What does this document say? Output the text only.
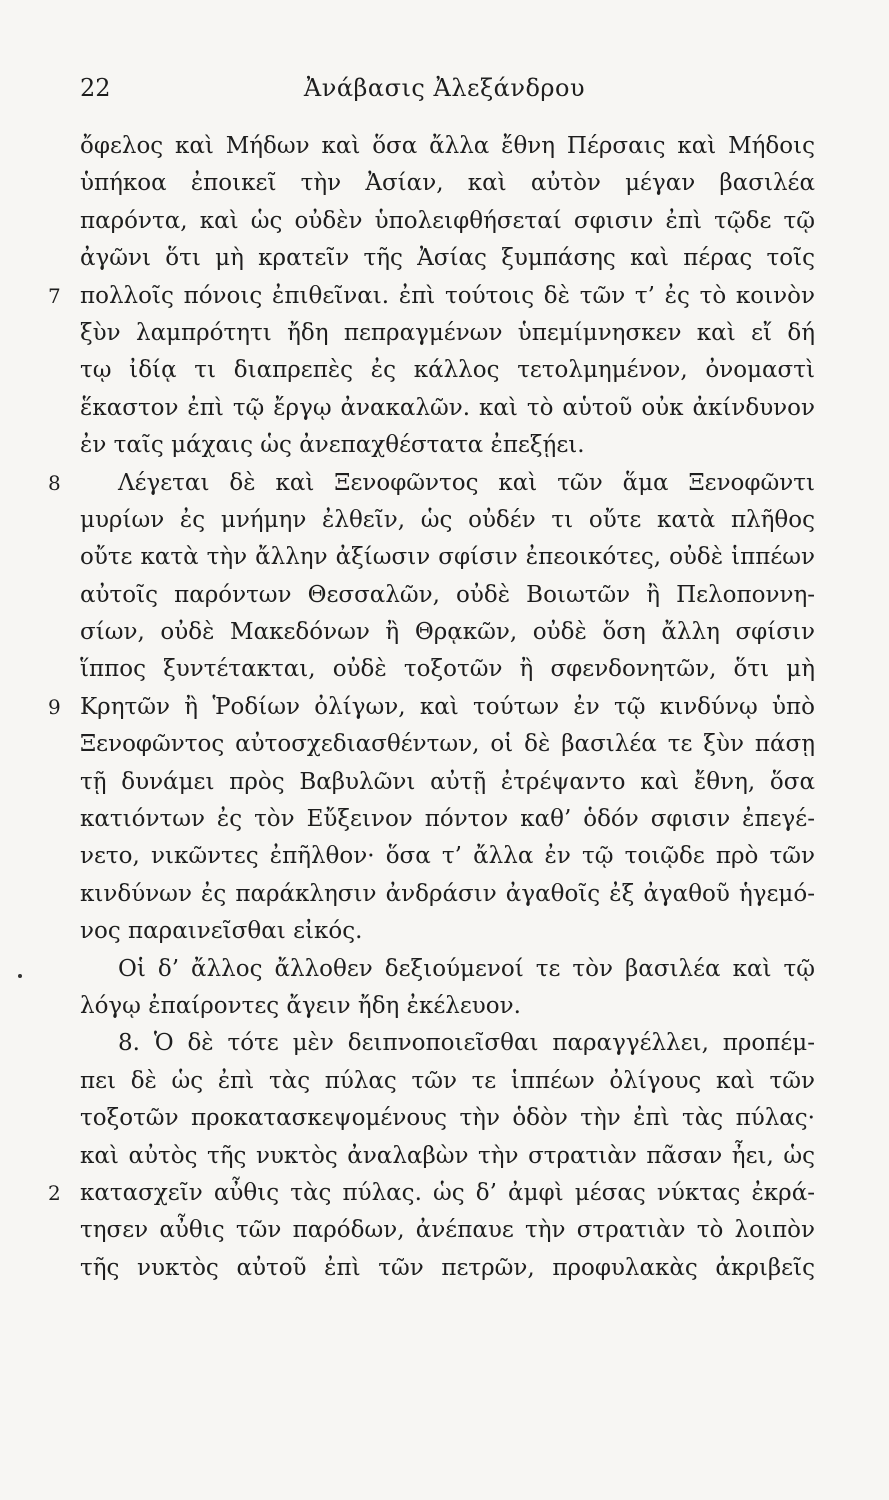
22	Ἀνάβασις Ἀλεξάνδρου
ὄφελος καὶ Μήδων καὶ ὅσα ἄλλα ἔθνη Πέρσαις καὶ Μήδοις
ὑπήκοα ἐποικεῖ τὴν Ἀσίαν, καὶ αὐτὸν μέγαν βασιλέα
παρόντα, καὶ ὡς οὐδὲν ὑπολειφθήσεταί σφισιν ἐπὶ τῷδε τῷ
ἀγῶνι ὅτι μὴ κρατεῖν τῆς Ἀσίας ξυμπάσης καὶ πέρας τοῖς
7 πολλοῖς πόνοις ἐπιθεῖναι. ἐπὶ τούτοις δὲ τῶν τ’ ἐς τὸ κοινὸν
ξὺν λαμπρότητι ἤδη πεπραγμένων ὑπεμίμνησκεν καὶ εἴ δή
τῳ ἰδίᾳ τι διαπρεπὲς ἐς κάλλος τετολμημένον, ὀνομαστὶ
ἕκαστον ἐπὶ τῷ ἔργῳ ἀνακαλῶν. καὶ τὸ αὑτοῦ οὐκ ἀκίνδυνον
ἐν ταῖς μάχαις ὡς ἀνεπαχθέστατα ἐπεξῄει.
8	Λέγεται δὲ καὶ Ξενοφῶντος καὶ τῶν ἅμα Ξενοφῶντι
μυρίων ἐς μνήμην ἐλθεῖν, ὡς οὐδέν τι οὔτε κατὰ πλῆθος
οὔτε κατὰ τὴν ἄλλην ἀξίωσιν σφίσιν ἐπεοικότες, οὐδὲ ἱππέων
αὐτοῖς παρόντων Θεσσαλῶν, οὐδὲ Βοιωτῶν ἢ Πελοποννη-
σίων, οὐδὲ Μακεδόνων ἢ Θρᾳκῶν, οὐδὲ ὅση ἄλλη σφίσιν
ἵππος ξυντέτακται, οὐδὲ τοξοτῶν ἢ σφενδονητῶν, ὅτι μὴ
9 Κρητῶν ἢ Ῥοδίων ὀλίγων, καὶ τούτων ἐν τῷ κινδύνῳ ὑπὸ
Ξενοφῶντος αὐτοσχεδιασθέντων, οἱ δὲ βασιλέα τε ξὺν πάσῃ
τῇ δυνάμει πρὸς Βαβυλῶνι αὐτῇ ἐτρέψαντο καὶ ἔθνη, ὅσα
κατιόντων ἐς τὸν Εὔξεινον πόντον καθ’ ὁδόν σφισιν ἐπεγέ-
νετο, νικῶντες ἐπῆλθον· ὅσα τ’ ἄλλα ἐν τῷ τοιῷδε πρὸ τῶν
κινδύνων ἐς παράκλησιν ἀνδράσιν ἀγαθοῖς ἐξ ἀγαθοῦ ἡγεμό-
νος παραινεῖσθαι εἰκός.
Οἱ δ’ ἄλλος ἄλλοθεν δεξιούμενοί τε τὸν βασιλέα καὶ τῷ
λόγῳ ἐπαίροντες ἄγειν ἤδη ἐκέλευον.
8. Ὁ δὲ τότε μὲν δειπνοποιεῖσθαι παραγγέλλει, προπέμ-
πει δὲ ὡς ἐπὶ τὰς πύλας τῶν τε ἱππέων ὀλίγους καὶ τῶν
τοξοτῶν προκατασκεψομένους τὴν ὁδὸν τὴν ἐπὶ τὰς πύλας·
καὶ αὐτὸς τῆς νυκτὸς ἀναλαβὼν τὴν στρατιὰν πᾶσαν ἦει, ὡς
2 κατασχεῖν αὖθις τὰς πύλας. ὡς δ’ ἀμφὶ μέσας νύκτας ἐκρά-
τησεν αὖθις τῶν παρόδων, ἀνέπαυε τὴν στρατιὰν τὸ λοιπὸν
τῆς νυκτὸς αὐτοῦ ἐπὶ τῶν πετρῶν, προφυλακὰς ἀκριβεῖς
